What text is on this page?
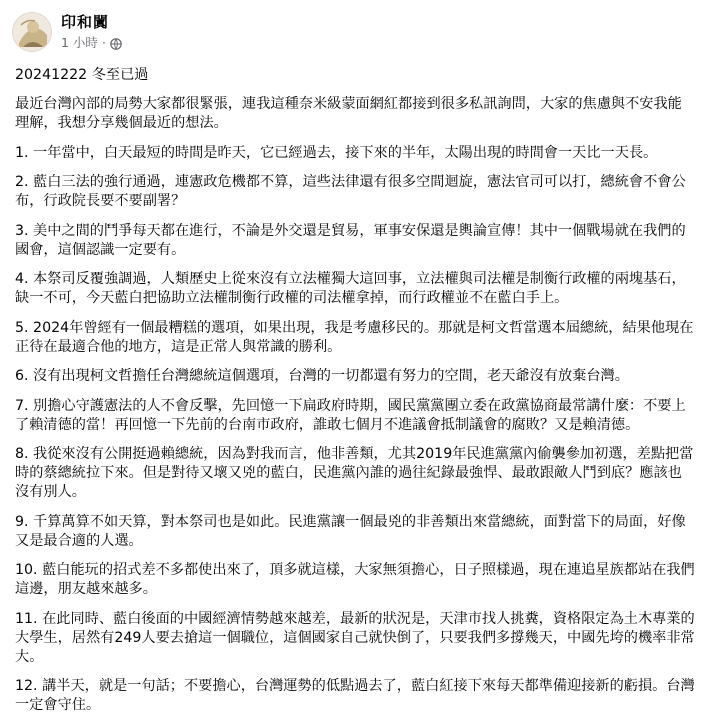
印和闐
1 小時 ·

20241222 冬至已過

最近台灣內部的局勢大家都很緊張，連我這種奈米級蒙面網紅都接到很多私訊詢問，大家的焦慮與不安我能理解，我想分享幾個最近的想法。

1. 一年當中，白天最短的時間是昨天，它已經過去，接下來的半年，太陽出現的時間會一天比一天長。

2. 藍白三法的強行通過，連憲政危機都不算，這些法律還有很多空間迴旋，憲法官司可以打，總統會不會公布，行政院長要不要副署？

3. 美中之間的鬥爭每天都在進行，不論是外交還是貿易，軍事安保還是輿論宣傳！其中一個戰場就在我們的國會，這個認識一定要有。

4. 本祭司反覆強調過，人類歷史上從來沒有立法權獨大這回事，立法權與司法權是制衡行政權的兩塊基石，缺一不可，今天藍白把協助立法權制衡行政權的司法權拿掉，而行政權並不在藍白手上。

5. 2024年曾經有一個最糟糕的選項，如果出現，我是考慮移民的。那就是柯文哲當選本屆總統，結果他現在正待在最適合他的地方，這是正常人與常識的勝利。

6. 沒有出現柯文哲擔任台灣總統這個選項，台灣的一切都還有努力的空間，老天爺沒有放棄台灣。

7. 別擔心守護憲法的人不會反擊，先回憶一下扁政府時期，國民黨黨團立委在政黨協商最常講什麼：不要上了賴清德的當！再回憶一下先前的台南市政府，誰敢七個月不進議會抵制議會的腐敗？又是賴清德。

8. 我從來沒有公開挺過賴總統，因為對我而言，他非善類，尤其2019年民進黨黨內偷襲參加初選，差點把當時的蔡總統拉下來。但是對待又壞又兇的藍白，民進黨內誰的過往紀錄最強悍、最敢跟敵人鬥到底？應該也沒有別人。

9. 千算萬算不如天算，對本祭司也是如此。民進黨讓一個最兇的非善類出來當總統，面對當下的局面，好像又是最合適的人選。

10. 藍白能玩的招式差不多都使出來了，頂多就這樣，大家無須擔心，日子照樣過，現在連追星族都站在我們這邊，朋友越來越多。

11. 在此同時、藍白後面的中國經濟情勢越來越差，最新的狀況是，天津市找人挑糞，資格限定為土木專業的大學生，居然有249人要去搶這一個職位，這個國家自己就快倒了，只要我們多撐幾天，中國先垮的機率非常大。

12. 講半天，就是一句話；不要擔心，台灣運勢的低點過去了，藍白紅接下來每天都準備迎接新的虧損。台灣一定會守住。
